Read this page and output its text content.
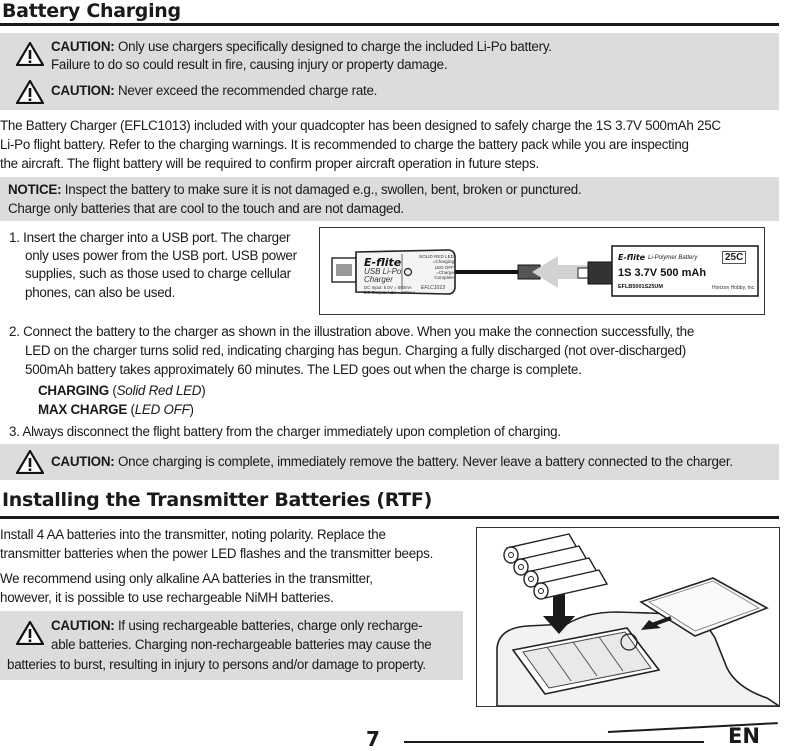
Battery Charging
CAUTION: Only use chargers specifically designed to charge the included Li-Po battery.
Failure to do so could result in fire, causing injury or property damage.
CAUTION: Never exceed the recommended charge rate.
The Battery Charger (EFLC1013) included with your quadcopter has been designed to safely charge the 1S 3.7V 500mAh 25C
Li-Po flight battery. Refer to the charging warnings. It is recommended to charge the battery pack while you are inspecting
the aircraft. The flight battery will be required to confirm proper aircraft operation in future steps.
NOTICE: Inspect the battery to make sure it is not damaged e.g., swollen, bent, broken or punctured.
Charge only batteries that are cool to the touch and are not damaged.
1. Insert the charger into a USB port. The charger
only uses power from the USB port. USB power
supplies, such as those used to charge cellular
phones, can also be used.
E-flite
USB Li-Po
Charger
DC Input: 5.0V = 500mA
DC Output: 4.2V = 500mA
SOLID RED LED
=Charging
LED OFF
=Charge
Complete
EFLC1013
E-flite Li-Polymer Battery	25C
1S 3.7V 500 mAh
EFLB5001S25UM	Horizon Hobby, Inc.
2. Connect the battery to the charger as shown in the illustration above. When you make the connection successfully, the
LED on the charger turns solid red, indicating charging has begun. Charging a fully discharged (not over-discharged)
500mAh battery takes approximately 60 minutes. The LED goes out when the charge is complete.
CHARGING (Solid Red LED)
MAX CHARGE (LED OFF)
3. Always disconnect the flight battery from the charger immediately upon completion of charging.
CAUTION: Once charging is complete, immediately remove the battery. Never leave a battery connected to the charger.
Installing the Transmitter Batteries (RTF)
Install 4 AA batteries into the transmitter, noting polarity. Replace the
transmitter batteries when the power LED flashes and the transmitter beeps.
We recommend using only alkaline AA batteries in the transmitter,
however, it is possible to use rechargeable NiMH batteries.
CAUTION: If using rechargeable batteries, charge only recharge-
able batteries. Charging non-rechargeable batteries may cause the
batteries to burst, resulting in injury to persons and/or damage to property.
7	EN
